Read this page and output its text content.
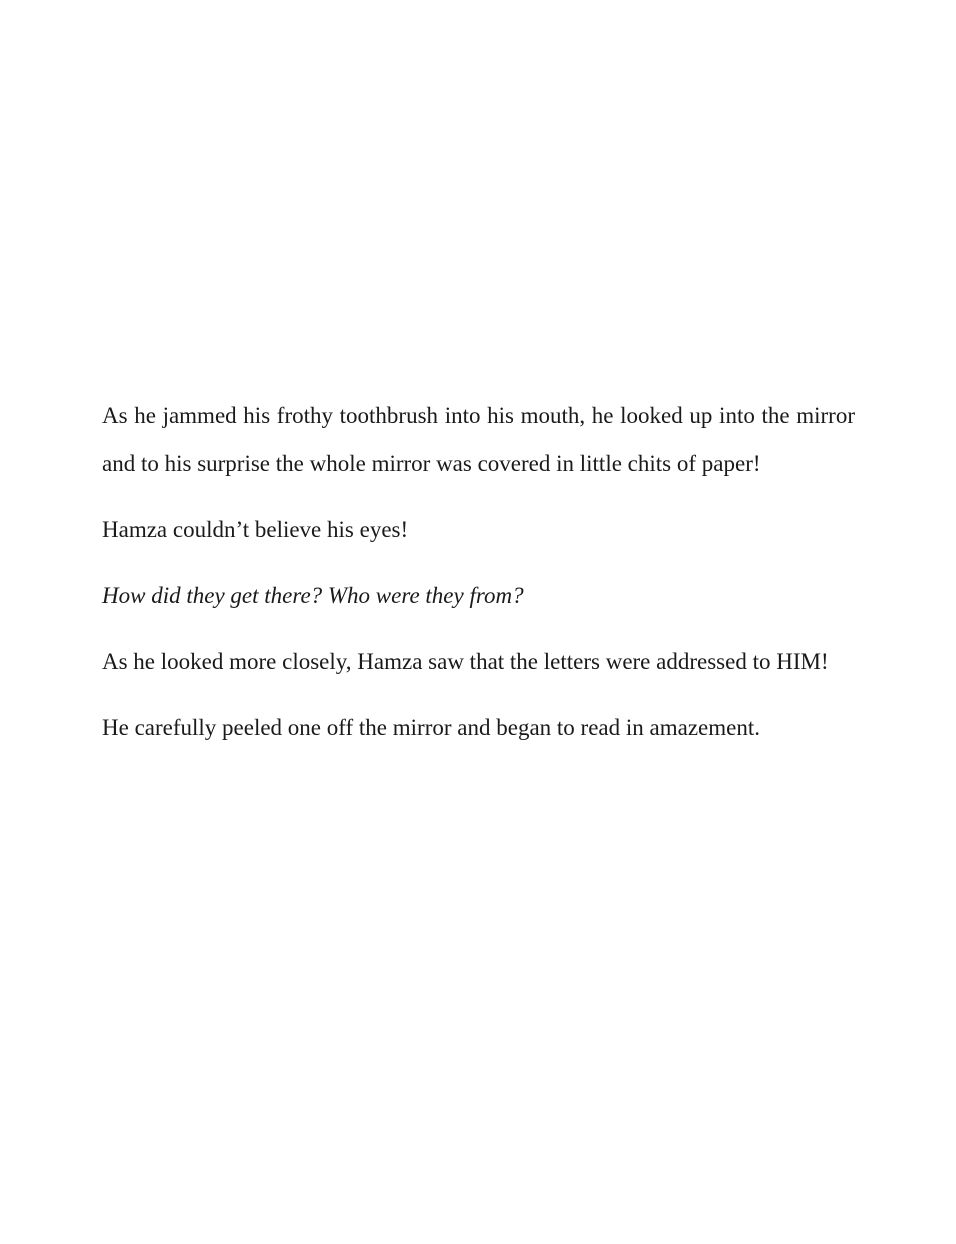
As he jammed his frothy toothbrush into his mouth, he looked up into the mirror and to his surprise the whole mirror was covered in little chits of paper!

Hamza couldn’t believe his eyes!

How did they get there? Who were they from?

As he looked more closely, Hamza saw that the letters were addressed to HIM!

He carefully peeled one off the mirror and began to read in amazement.
